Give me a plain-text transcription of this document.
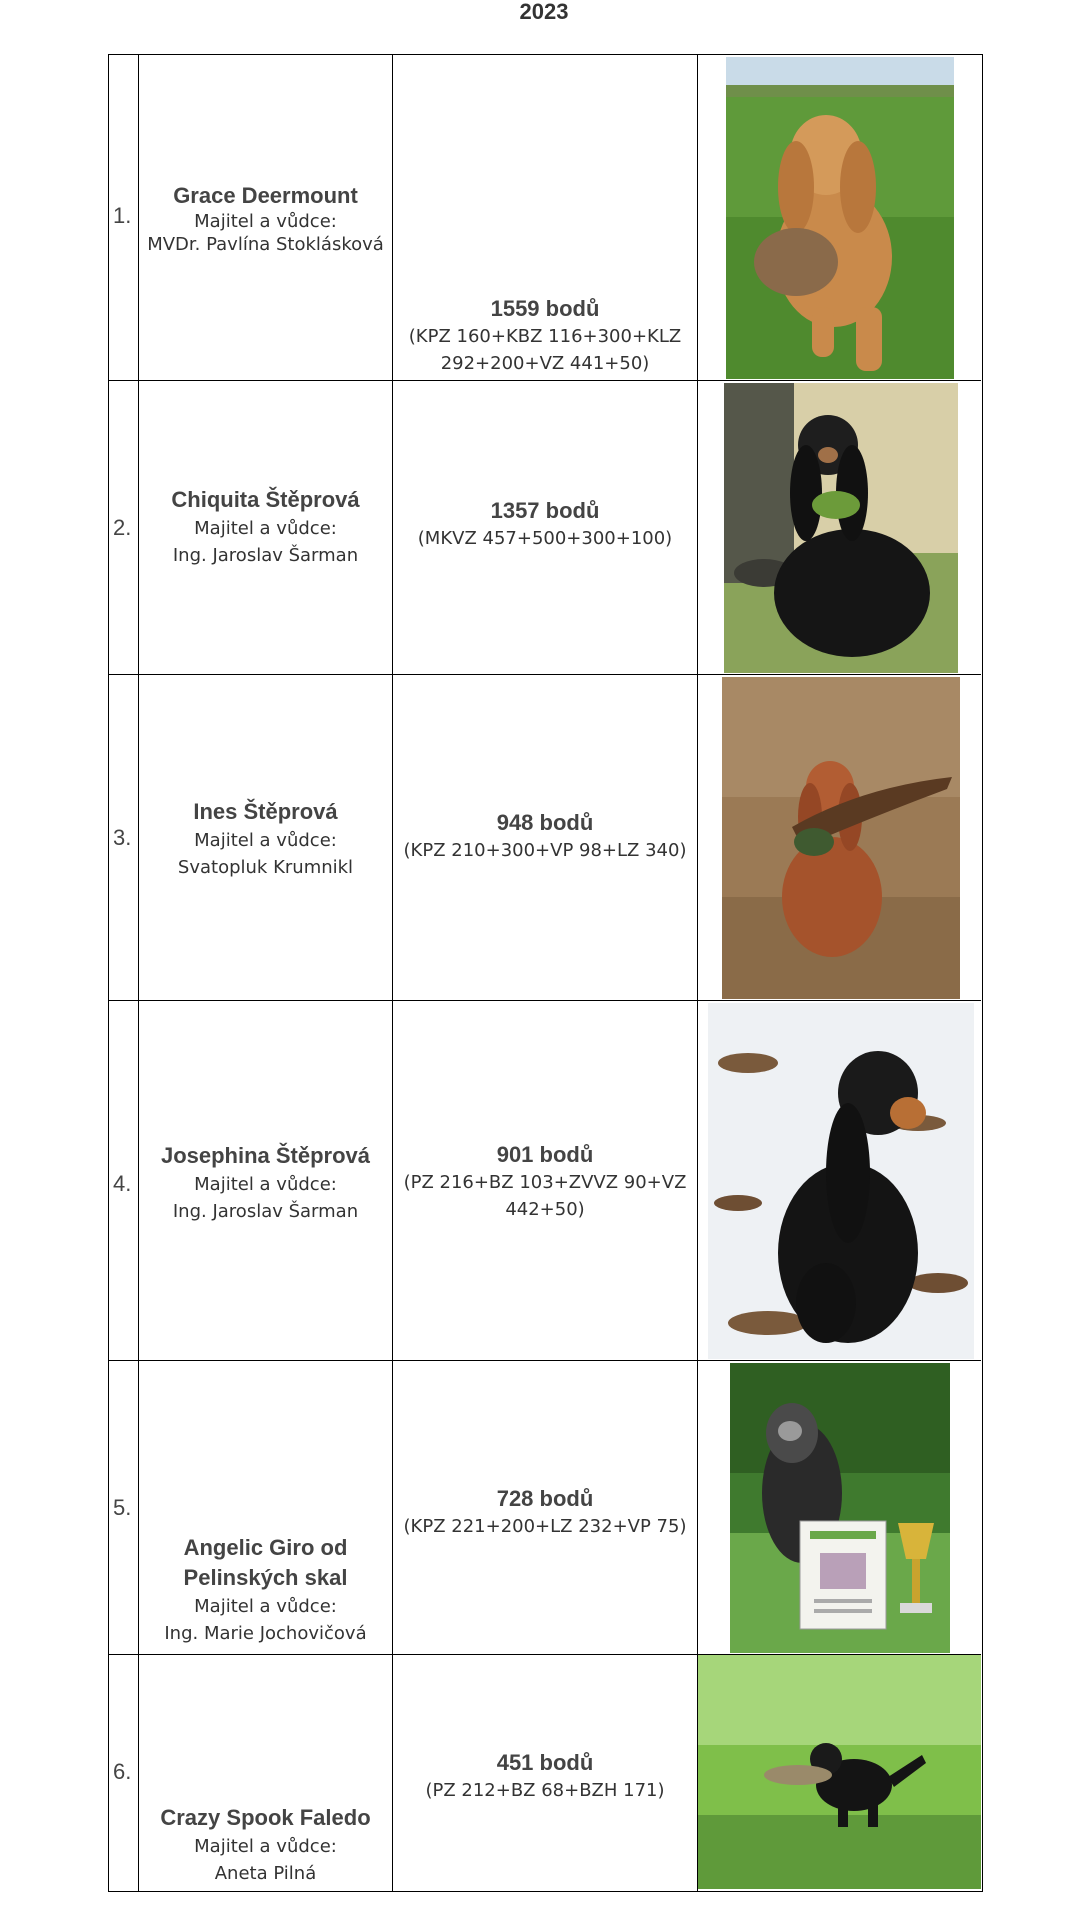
2023
1.
Grace Deermount
Majitel a vůdce:
MVDr. Pavlína Stoklásková
1559 bodů
(KPZ 160+KBZ 116+300+KLZ
292+200+VZ 441+50)
2.
Chiquita Štěprová
Majitel a vůdce:
Ing. Jaroslav Šarman
1357 bodů
(MKVZ 457+500+300+100)
3.
Ines Štěprová
Majitel a vůdce:
Svatopluk Krumnikl
948 bodů
(KPZ 210+300+VP 98+LZ 340)
4.
Josephina Štěprová
Majitel a vůdce:
Ing. Jaroslav Šarman
901 bodů
(PZ 216+BZ 103+ZVVZ 90+VZ
442+50)
5.
Angelic Giro od
Pelinských skal
Majitel a vůdce:
Ing. Marie Jochovičová
728 bodů
(KPZ 221+200+LZ 232+VP 75)
6.
Crazy Spook Faledo
Majitel a vůdce:
Aneta Pilná
451 bodů
(PZ 212+BZ 68+BZH 171)
